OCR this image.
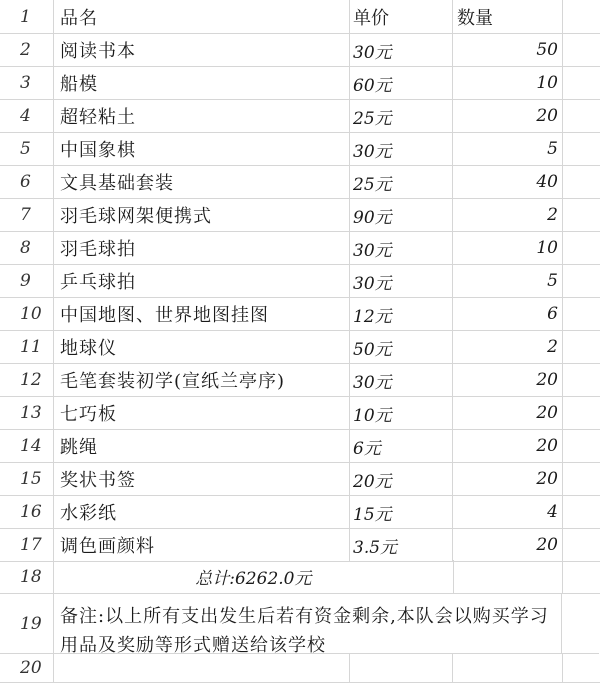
1	品名	单价	数量
2	阅读书本	30元	50
3	船模	60元	10
4	超轻粘土	25元	20
5	中国象棋	30元	5
6	文具基础套装	25元	40
7	羽毛球网架便携式	90元	2
8	羽毛球拍	30元	10
9	乒乓球拍	30元	5
10	中国地图、世界地图挂图	12元	6
11	地球仪	50元	2
12	毛笔套装初学(宣纸兰亭序)	30元	20
13	七巧板	10元	20
14	跳绳	6元	20
15	奖状书签	20元	20
16	水彩纸	15元	4
17	调色画颜料	3.5元	20
18	总计:6262.0元
19	备注:以上所有支出发生后若有资金剩余,本队会以购买学习用品及奖励等形式赠送给该学校
20
